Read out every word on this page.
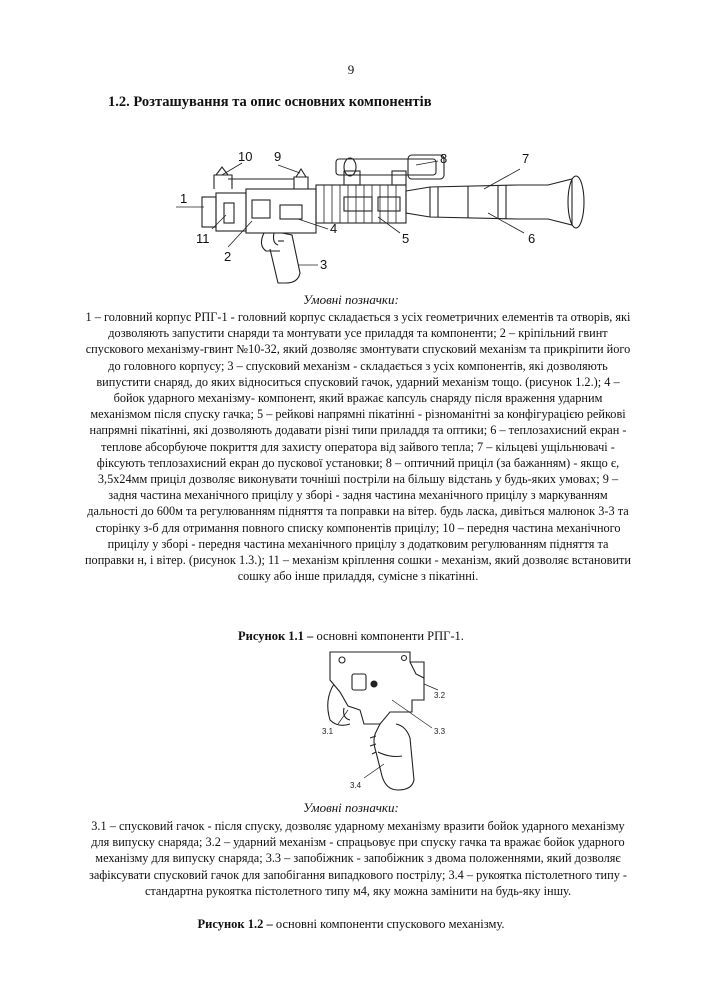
9
1.2. Розташування та опис основних компонентів
1
2
3
4
5	6
7
8
9
10
11
Умовні позначки:

1 – головний корпус РПГ-1 - головний корпус складається з усіх геометричних елементів та отворів, які дозволяють запустити снаряди та монтувати усе приладдя та компоненти; 2 – кріпільний гвинт спускового механізму-гвинт №10-32, який дозволяє змонтувати спусковий механізм та прикріпити його до головного корпусу; 3 – спусковий механізм - складається з усіх компонентів, які дозволяють випустити снаряд, до яких відноситься спусковий гачок, ударний механізм тощо. (рисунок 1.2.); 4 – бойок ударного механізму- компонент, який вражає капсуль снаряду після враження ударним механізмом після спуску гачка; 5 – рейкові напрямні пікатінні - різноманітні за конфігурацією рейкові напрямні пікатінні, які дозволяють додавати різні типи приладдя та оптики; 6 – теплозахисний екран - теплове абсорбуюче покриття для захисту оператора від зайвого тепла; 7 – кільцеві ущільнювачі - фіксують теплозахисний екран до пускової установки; 8 – оптичний приціл (за бажанням) - якщо є, 3,5х24мм приціл дозволяє виконувати точніші постріли на більшу відстань у будь-яких умовах; 9 – задня частина механічного прицілу у зборі - задня частина механічного прицілу з маркуванням дальності до 600м та регулюванням підняття та поправки на вітер. будь ласка, дивіться малюнок 3-3 та сторінку з-б для отримання повного списку компонентів прицілу; 10 – передня частина механічного прицілу у зборі - передня частина механічного прицілу з додатковим регулюванням підняття та поправки н, і вітер. (рисунок 1.3.); 11 – механізм кріплення сошки - механізм, який дозволяє встановити сошку або інше приладдя, сумісне з пікатінні.

Рисунок 1.1 – основні компоненти РПГ-1.
3.1
3.2
3.3
3.4
Умовні позначки:

3.1 – спусковий гачок - після спуску, дозволяє ударному механізму вразити бойок ударного механізму для випуску снаряда; 3.2 – ударний механізм - спрацьовує при спуску гачка та вражає бойок ударного механізму для випуску снаряда; 3.3 – запобіжник - запобіжник з двома положеннями, який дозволяє зафіксувати спусковий гачок для запобігання випадкового пострілу; 3.4 – рукоятка пістолетного типу - стандартна рукоятка пістолетного типу м4, яку можна замінити на будь-яку іншу.

Рисунок 1.2 – основні компоненти спускового механізму.
